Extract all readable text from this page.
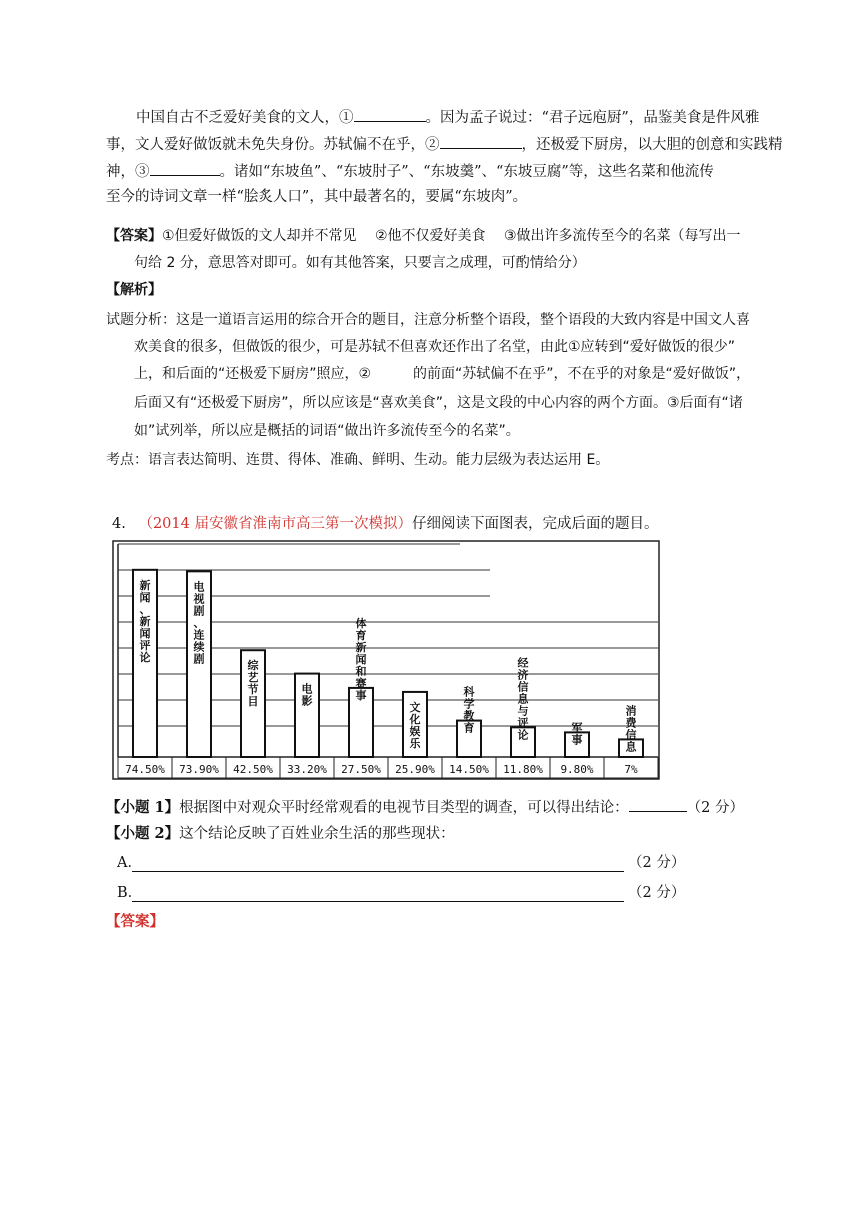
中国自古不乏爱好美食的文人，①	。因为孟子说过：“君子远庖厨”，品鉴美食是件风雅
事，文人爱好做饭就未免失身份。苏轼偏不在乎，②	，还极爱下厨房，以大胆的创意和实践精
神，③	。诸如“东坡鱼”、“东坡肘子”、“东坡羹”、“东坡豆腐”等，这些名菜和他流传
至今的诗词文章一样“脍炙人口”，其中最著名的，要属“东坡肉”。
【答案】①但爱好做饭的文人却并不常见　 ②他不仅爱好美食　 ③做出许多流传至今的名菜（每写出一
句给 2 分，意思答对即可。如有其他答案，只要言之成理，可酌情给分）
【解析】
试题分析：这是一道语言运用的综合开合的题目，注意分析整个语段，整个语段的大致内容是中国文人喜
欢美食的很多，但做饭的很少，可是苏轼不但喜欢还作出了名堂，由此①应转到“爱好做饭的很少”
上，和后面的“还极爱下厨房”照应，②　　　的前面“苏轼偏不在乎”，不在乎的对象是“爱好做饭”，
后面又有“还极爱下厨房”，所以应该是“喜欢美食”，这是文段的中心内容的两个方面。③后面有“诸
如”试列举，所以应是概括的词语“做出许多流传至今的名菜”。
考点：语言表达简明、连贯、得体、准确、鲜明、生动。能力层级为表达运用 E。
4. （2014 届安徽省淮南市高三第一次模拟）仔细阅读下面图表，完成后面的题目。
新闻、新闻评论
74.50%
电视剧、连续剧
73.90%
综艺节目
42.50%
电影
33.20%
体育新闻和赛事
27.50%
文化娱乐
25.90%
科学教育
14.50%
经济信息与评论
11.80%
军事
9.80%
消费信息
7%
【小题 1】根据图中对观众平时经常观看的电视节目类型的调查，可以得出结论：	（2 分）
【小题 2】这个结论反映了百姓业余生活的那些现状：
A．	（2 分）
B．	（2 分）
【答案】
